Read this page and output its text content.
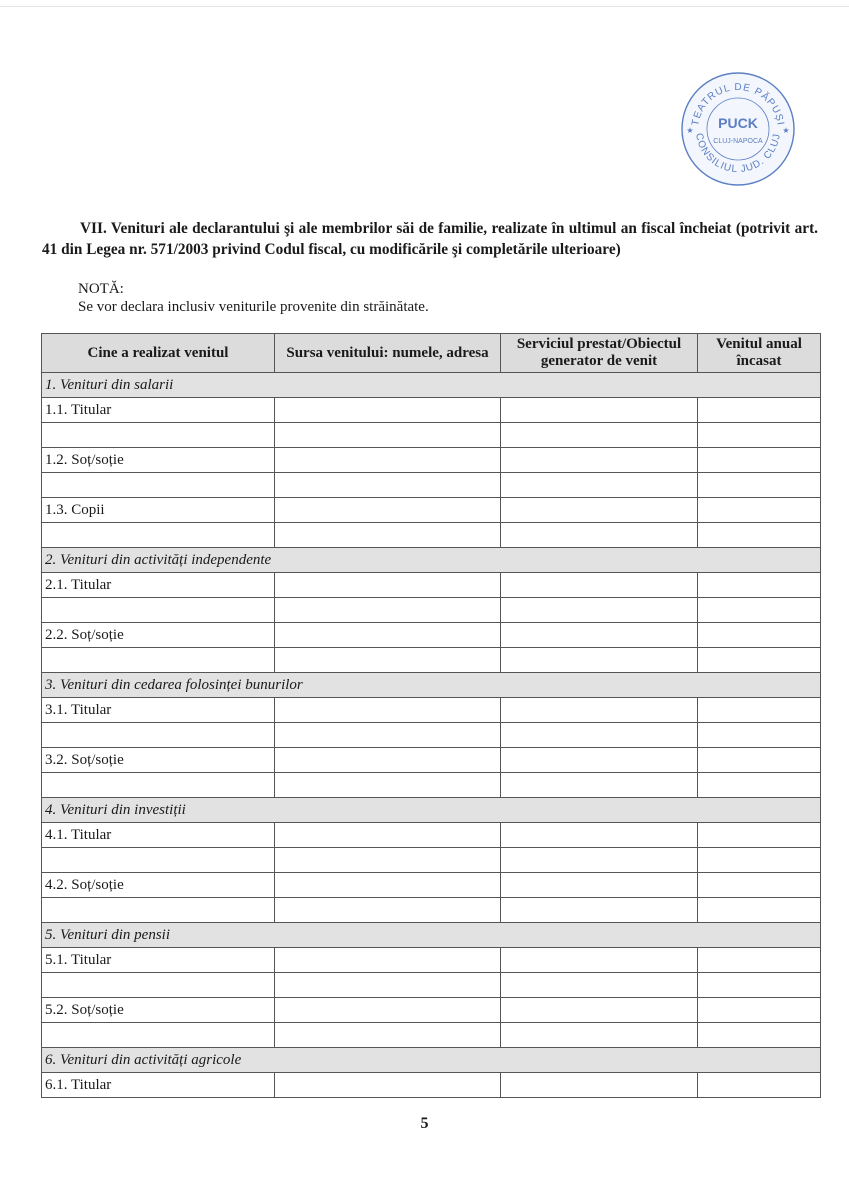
TEATRUL DE PĂPUȘI
CONSILIUL JUD. CLUJ
PUCK
CLUJ-NAPOCA
★	★
VII. Venituri ale declarantului şi ale membrilor săi de familie, realizate în ultimul an fiscal încheiat (potrivit art. 41 din Legea nr. 571/2003 privind Codul fiscal, cu modificările şi completările ulterioare)
NOTĂ:
Se vor declara inclusiv veniturile provenite din străinătate.
Cine a realizat venitul	Sursa venitului: numele, adresa	Serviciul prestat/Obiectul generator de venit	Venitul anual încasat
1. Venituri din salarii			
1.1. Titular			

1.2. Soț/soție			

1.3. Copii			

2. Venituri din activități independente			
2.1. Titular			

2.2. Soț/soție			

3. Venituri din cedarea folosinței bunurilor			
3.1. Titular			

3.2. Soț/soție			

4. Venituri din investiții			
4.1. Titular			

4.2. Soț/soție			

5. Venituri din pensii			
5.1. Titular			

5.2. Soț/soție			

6. Venituri din activități agricole			
6.1. Titular			
5
